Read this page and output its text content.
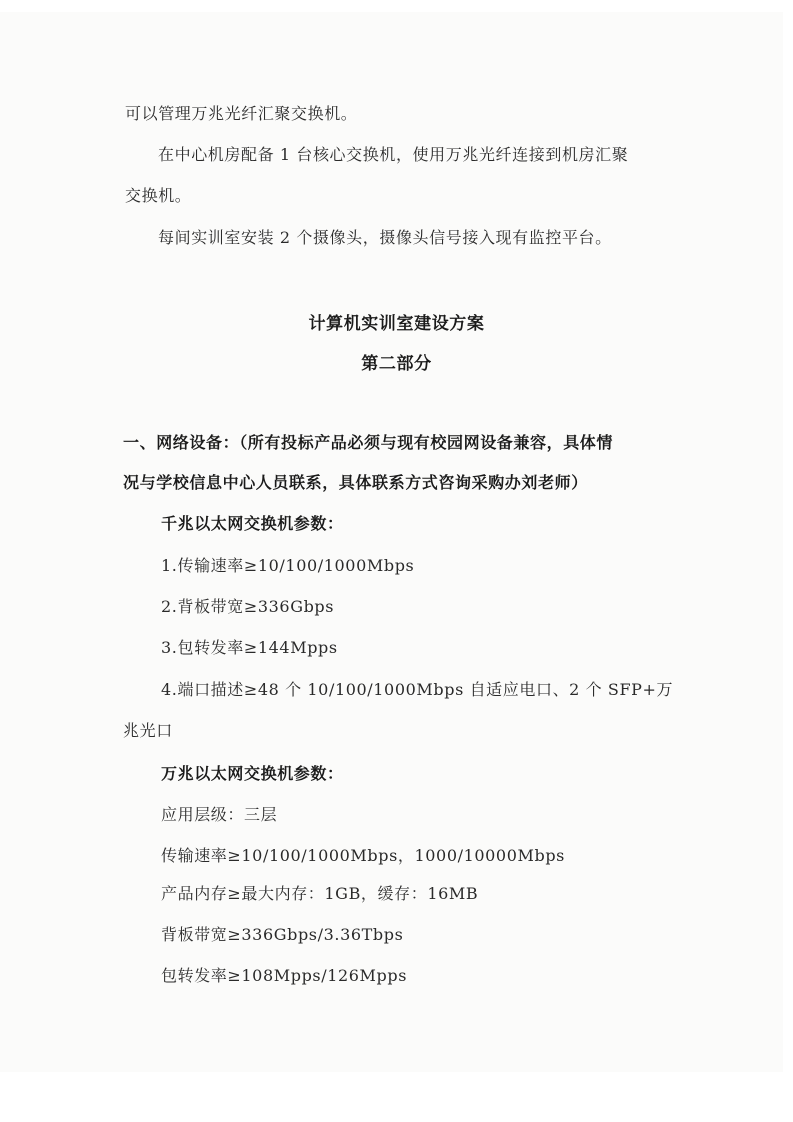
可以管理万兆光纤汇聚交换机。
在中心机房配备 1 台核心交换机，使用万兆光纤连接到机房汇聚
交换机。
每间实训室安装 2 个摄像头，摄像头信号接入现有监控平台。
计算机实训室建设方案
第二部分
一、网络设备：（所有投标产品必须与现有校园网设备兼容，具体情
况与学校信息中心人员联系，具体联系方式咨询采购办刘老师）
千兆以太网交换机参数：
1.传输速率≥10/100/1000Mbps
2.背板带宽≥336Gbps
3.包转发率≥144Mpps
4.端口描述≥48 个 10/100/1000Mbps 自适应电口、2 个 SFP+万
兆光口
万兆以太网交换机参数：
应用层级：三层
传输速率≥10/100/1000Mbps，1000/10000Mbps
产品内存≥最大内存：1GB，缓存：16MB
背板带宽≥336Gbps/3.36Tbps
包转发率≥108Mpps/126Mpps
